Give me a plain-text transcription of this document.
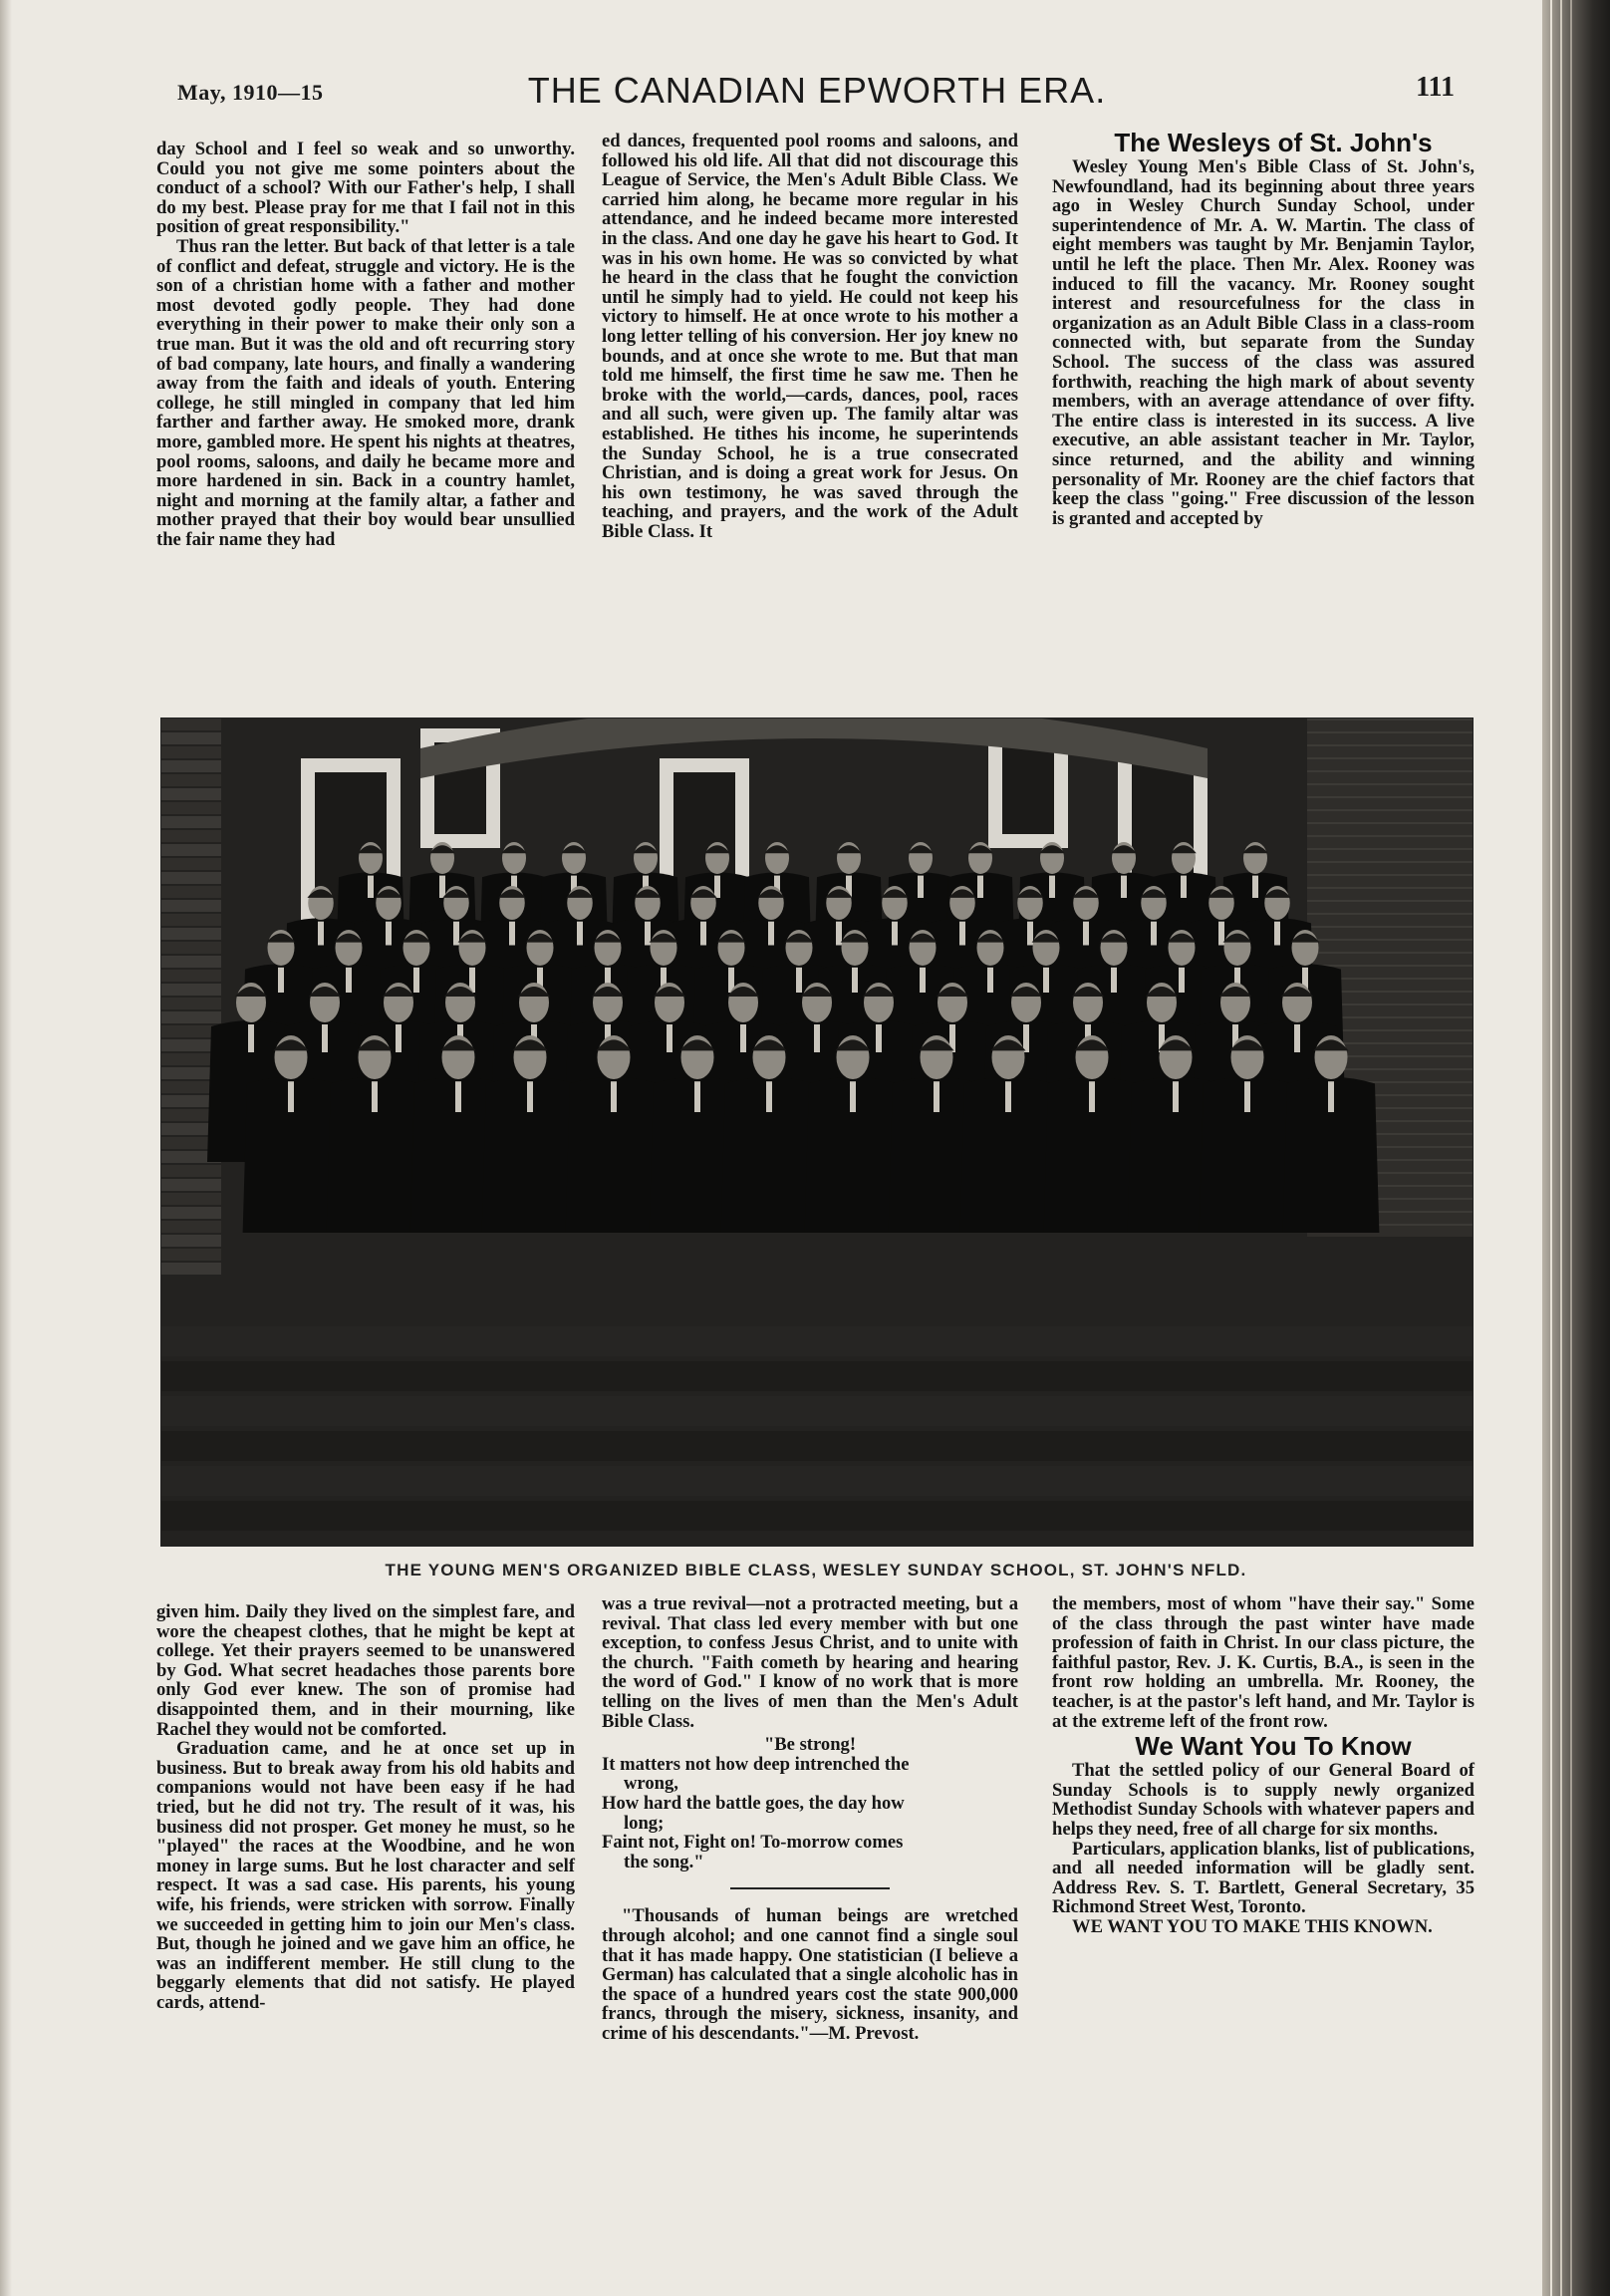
May, 1910—15	THE CANADIAN EPWORTH ERA.	111

day School and I feel so weak and so unworthy. Could you not give me some pointers about the conduct of a school? With our Father's help, I shall do my best. Please pray for me that I fail not in this position of great responsibility."

Thus ran the letter. But back of that letter is a tale of conflict and defeat, struggle and victory. He is the son of a christian home with a father and mother most devoted godly people. They had done everything in their power to make their only son a true man. But it was the old and oft recurring story of bad company, late hours, and finally a wandering away from the faith and ideals of youth. Entering college, he still mingled in company that led him farther and farther away. He smoked more, drank more, gambled more. He spent his nights at theatres, pool rooms, saloons, and daily he became more and more hardened in sin. Back in a country hamlet, night and morning at the family altar, a father and mother prayed that their boy would bear unsullied the fair name they had

ed dances, frequented pool rooms and saloons, and followed his old life. All that did not discourage this League of Service, the Men's Adult Bible Class. We carried him along, he became more regular in his attendance, and he indeed became more interested in the class. And one day he gave his heart to God. It was in his own home. He was so convicted by what he heard in the class that he fought the conviction until he simply had to yield. He could not keep his victory to himself. He at once wrote to his mother a long letter telling of his conversion. Her joy knew no bounds, and at once she wrote to me. But that man told me himself, the first time he saw me. Then he broke with the world,—cards, dances, pool, races and all such, were given up. The family altar was established. He tithes his income, he superintends the Sunday School, he is a true consecrated Christian, and is doing a great work for Jesus. On his own testimony, he was saved through the teaching, and prayers, and the work of the Adult Bible Class. It

The Wesleys of St. John's

Wesley Young Men's Bible Class of St. John's, Newfoundland, had its beginning about three years ago in Wesley Church Sunday School, under superintendence of Mr. A. W. Martin. The class of eight members was taught by Mr. Benjamin Taylor, until he left the place. Then Mr. Alex. Rooney was induced to fill the vacancy. Mr. Rooney sought interest and resourcefulness for the class in organization as an Adult Bible Class in a class-room connected with, but separate from the Sunday School. The success of the class was assured forthwith, reaching the high mark of about seventy members, with an average attendance of over fifty. The entire class is interested in its success. A live executive, an able assistant teacher in Mr. Taylor, since returned, and the ability and winning personality of Mr. Rooney are the chief factors that keep the class "going." Free discussion of the lesson is granted and accepted by

THE YOUNG MEN'S ORGANIZED BIBLE CLASS, WESLEY SUNDAY SCHOOL, ST. JOHN'S NFLD.

given him. Daily they lived on the simplest fare, and wore the cheapest clothes, that he might be kept at college. Yet their prayers seemed to be unanswered by God. What secret headaches those parents bore only God ever knew. The son of promise had disappointed them, and in their mourning, like Rachel they would not be comforted.

Graduation came, and he at once set up in business. But to break away from his old habits and companions would not have been easy if he had tried, but he did not try. The result of it was, his business did not prosper. Get money he must, so he "played" the races at the Woodbine, and he won money in large sums. But he lost character and self respect. It was a sad case. His parents, his young wife, his friends, were stricken with sorrow. Finally we succeeded in getting him to join our Men's class. But, though he joined and we gave him an office, he was an indifferent member. He still clung to the beggarly elements that did not satisfy. He played cards, attend-

was a true revival—not a protracted meeting, but a revival. That class led every member with but one exception, to confess Jesus Christ, and to unite with the church. "Faith cometh by hearing and hearing the word of God." I know of no work that is more telling on the lives of men than the Men's Adult Bible Class.

"Be strong!

It matters not how deep intrenched the

wrong,

How hard the battle goes, the day how

long;

Faint not, Fight on! To-morrow comes

the song."

"Thousands of human beings are wretched through alcohol; and one cannot find a single soul that it has made happy. One statistician (I believe a German) has calculated that a single alcoholic has in the space of a hundred years cost the state 900,000 francs, through the misery, sickness, insanity, and crime of his descendants."—M. Prevost.

the members, most of whom "have their say." Some of the class through the past winter have made profession of faith in Christ. In our class picture, the faithful pastor, Rev. J. K. Curtis, B.A., is seen in the front row holding an umbrella. Mr. Rooney, the teacher, is at the pastor's left hand, and Mr. Taylor is at the extreme left of the front row.

We Want You To Know

That the settled policy of our General Board of Sunday Schools is to supply newly organized Methodist Sunday Schools with whatever papers and helps they need, free of all charge for six months.

Particulars, application blanks, list of publications, and all needed information will be gladly sent. Address Rev. S. T. Bartlett, General Secretary, 35 Richmond Street West, Toronto.

WE WANT YOU TO MAKE THIS KNOWN.
